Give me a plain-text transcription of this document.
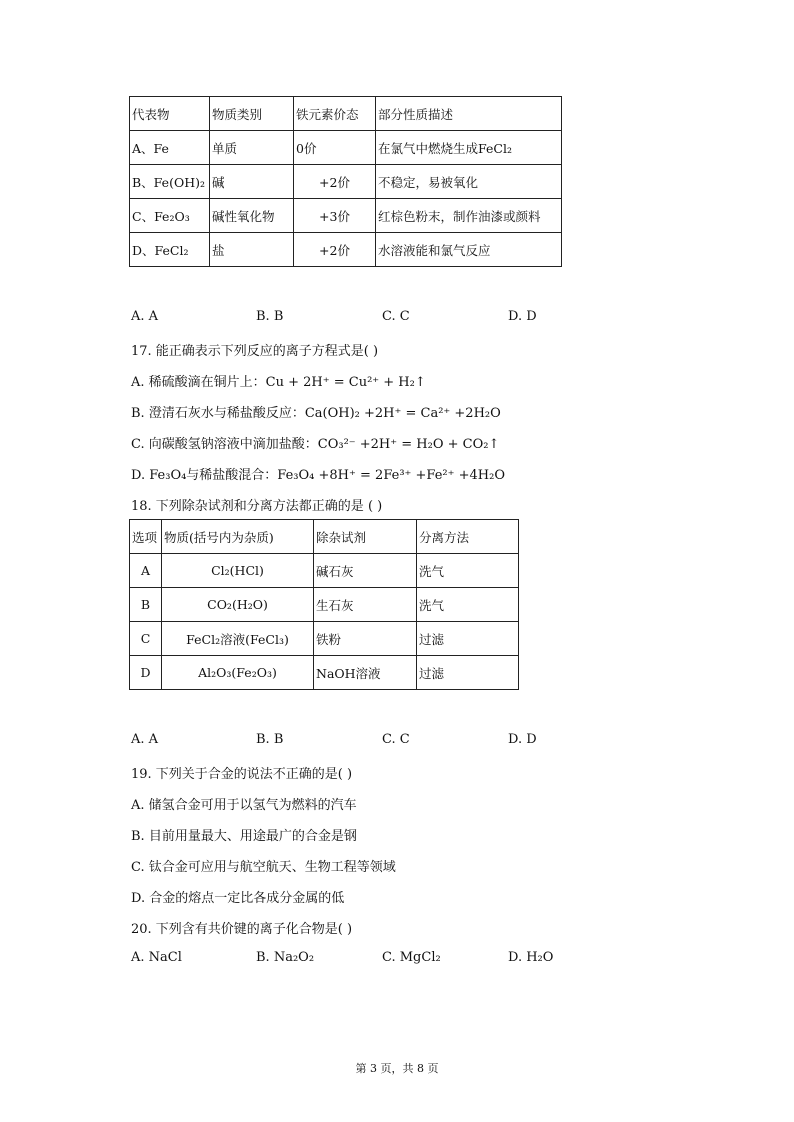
代表物	物质类别	铁元素价态	部分性质描述
A、Fe	单质	0价	在氯气中燃烧生成FeCl₂
B、Fe(OH)₂	碱	+2价	不稳定，易被氧化
C、Fe₂O₃	碱性氧化物	+3价	红棕色粉末，制作油漆或颜料
D、FeCl₂	盐	+2价	水溶液能和氯气反应
A. A	B. B	C. C	D. D
17. 能正确表示下列反应的离子方程式是( )
A. 稀硫酸滴在铜片上：Cu + 2H⁺ = Cu²⁺ + H₂↑
B. 澄清石灰水与稀盐酸反应：Ca(OH)₂ +2H⁺ = Ca²⁺ +2H₂O
C. 向碳酸氢钠溶液中滴加盐酸：CO₃²⁻ +2H⁺ = H₂O + CO₂↑
D. Fe₃O₄与稀盐酸混合：Fe₃O₄ +8H⁺ = 2Fe³⁺ +Fe²⁺ +4H₂O
18. 下列除杂试剂和分离方法都正确的是 ( )
选项	物质(括号内为杂质)	除杂试剂	分离方法
A	Cl₂(HCl)	碱石灰	洗气
B	CO₂(H₂O)	生石灰	洗气
C	FeCl₂溶液(FeCl₃)	铁粉	过滤
D	Al₂O₃(Fe₂O₃)	NaOH溶液	过滤
A. A	B. B	C. C	D. D
19. 下列关于合金的说法不正确的是( )
A. 储氢合金可用于以氢气为燃料的汽车
B. 目前用量最大、用途最广的合金是钢
C. 钛合金可应用与航空航天、生物工程等领域
D. 合金的熔点一定比各成分金属的低
20. 下列含有共价键的离子化合物是( )
A. NaCl	B. Na₂O₂	C. MgCl₂	D. H₂O
第 3 页，共 8 页
